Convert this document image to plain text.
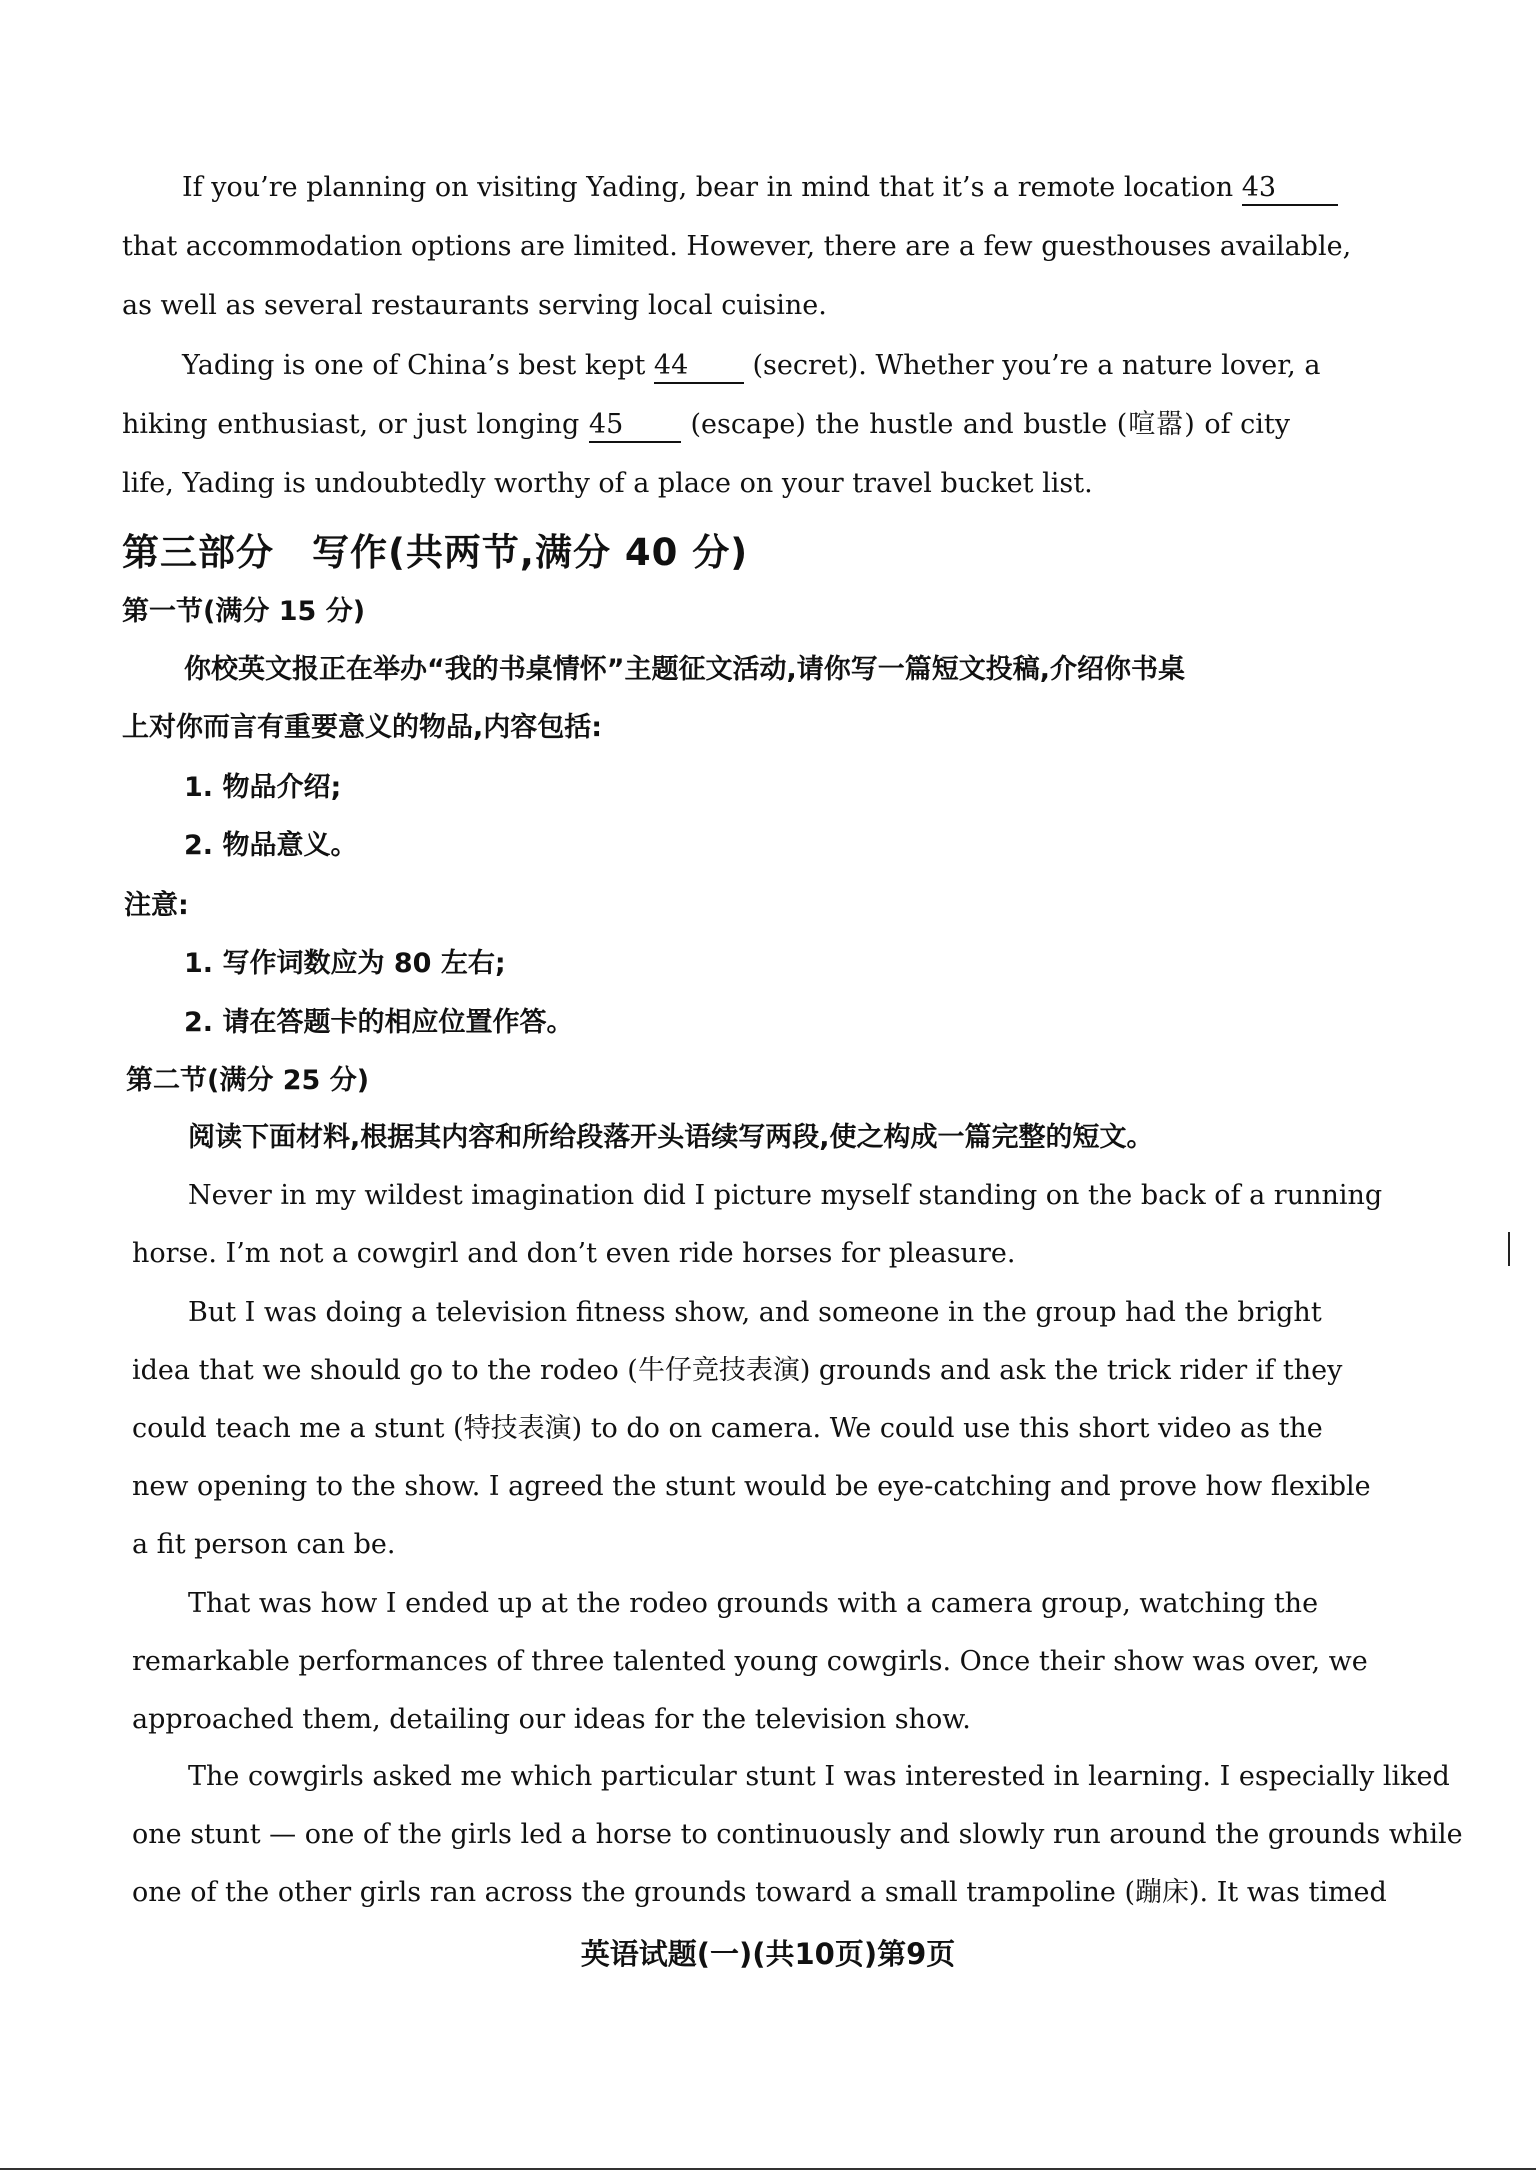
If you’re planning on visiting Yading, bear in mind that it’s a remote location 43
that accommodation options are limited. However, there are a few guesthouses available,
as well as several restaurants serving local cuisine.
Yading is one of China’s best kept 44 (secret). Whether you’re a nature lover, a
hiking enthusiast, or just longing 45 (escape) the hustle and bustle (喧嚣) of city
life, Yading is undoubtedly worthy of a place on your travel bucket list.
第三部分　写作(共两节,满分 40 分)
第一节(满分 15 分)
你校英文报正在举办“我的书桌情怀”主题征文活动,请你写一篇短文投稿,介绍你书桌
上对你而言有重要意义的物品,内容包括:
1. 物品介绍;
2. 物品意义。
注意:
1. 写作词数应为 80 左右;
2. 请在答题卡的相应位置作答。
第二节(满分 25 分)
阅读下面材料,根据其内容和所给段落开头语续写两段,使之构成一篇完整的短文。
Never in my wildest imagination did I picture myself standing on the back of a running
horse. I’m not a cowgirl and don’t even ride horses for pleasure.
But I was doing a television fitness show, and someone in the group had the bright
idea that we should go to the rodeo (牛仔竞技表演) grounds and ask the trick rider if they
could teach me a stunt (特技表演) to do on camera. We could use this short video as the
new opening to the show. I agreed the stunt would be eye-catching and prove how flexible
a fit person can be.
That was how I ended up at the rodeo grounds with a camera group, watching the
remarkable performances of three talented young cowgirls. Once their show was over, we
approached them, detailing our ideas for the television show.
The cowgirls asked me which particular stunt I was interested in learning. I especially liked
one stunt — one of the girls led a horse to continuously and slowly run around the grounds while
one of the other girls ran across the grounds toward a small trampoline (蹦床). It was timed
英语试题(一)(共10页)第9页
